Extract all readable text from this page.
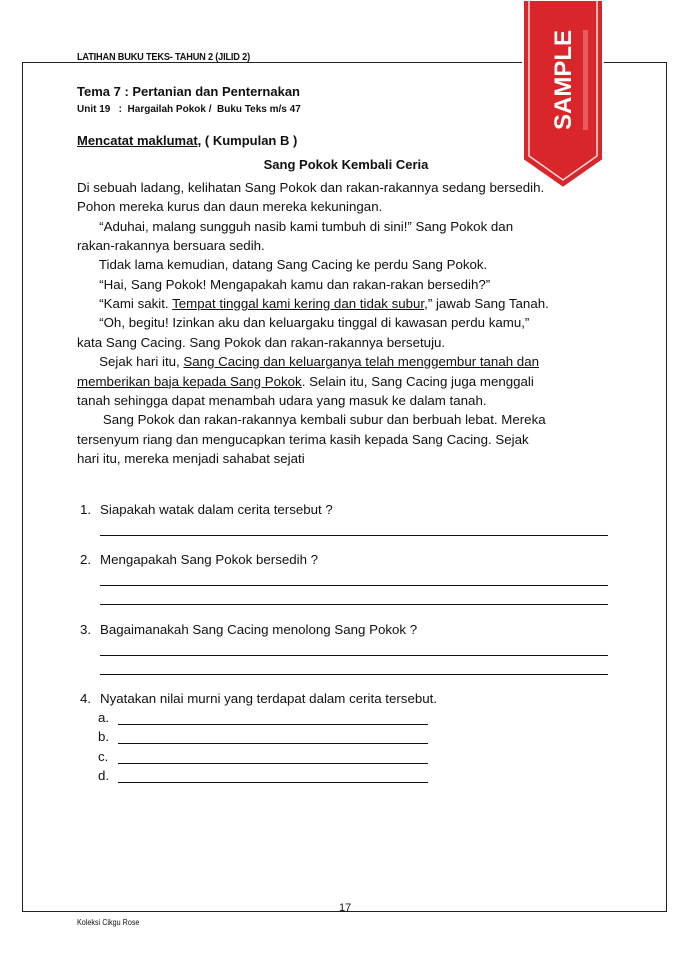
LATIHAN BUKU TEKS- TAHUN 2 (JILID 2)
Tema 7 : Pertanian dan Penternakan
Unit 19   :  Hargailah Pokok /  Buku Teks m/s 47
Mencatat maklumat, ( Kumpulan B )
Sang Pokok Kembali Ceria
Di sebuah ladang, kelihatan Sang Pokok dan rakan-rakannya sedang bersedih.
Pohon mereka kurus dan daun mereka kekuningan.
“Aduhai, malang sungguh nasib kami tumbuh di sini!” Sang Pokok dan
rakan-rakannya bersuara sedih.
Tidak lama kemudian, datang Sang Cacing ke perdu Sang Pokok.
“Hai, Sang Pokok! Mengapakah kamu dan rakan-rakan bersedih?”
“Kami sakit. Tempat tinggal kami kering dan tidak subur,” jawab Sang Tanah.
“Oh, begitu! Izinkan aku dan keluargaku tinggal di kawasan perdu kamu,”
kata Sang Cacing. Sang Pokok dan rakan-rakannya bersetuju.
Sejak hari itu, Sang Cacing dan keluarganya telah menggembur tanah dan
memberikan baja kepada Sang Pokok. Selain itu, Sang Cacing juga menggali
tanah sehingga dapat menambah udara yang masuk ke dalam tanah.
Sang Pokok dan rakan-rakannya kembali subur dan berbuah lebat. Mereka
tersenyum riang dan mengucapkan terima kasih kepada Sang Cacing. Sejak
hari itu, mereka menjadi sahabat sejati
1. Siapakah watak dalam cerita tersebut ?
2. Mengapakah Sang Pokok bersedih ?
3. Bagaimanakah Sang Cacing menolong Sang Pokok ?
4. Nyatakan nilai murni yang terdapat dalam cerita tersebut.
a.
b.
c.
d.
17
Koleksi Cikgu Rose
SAMPLE
